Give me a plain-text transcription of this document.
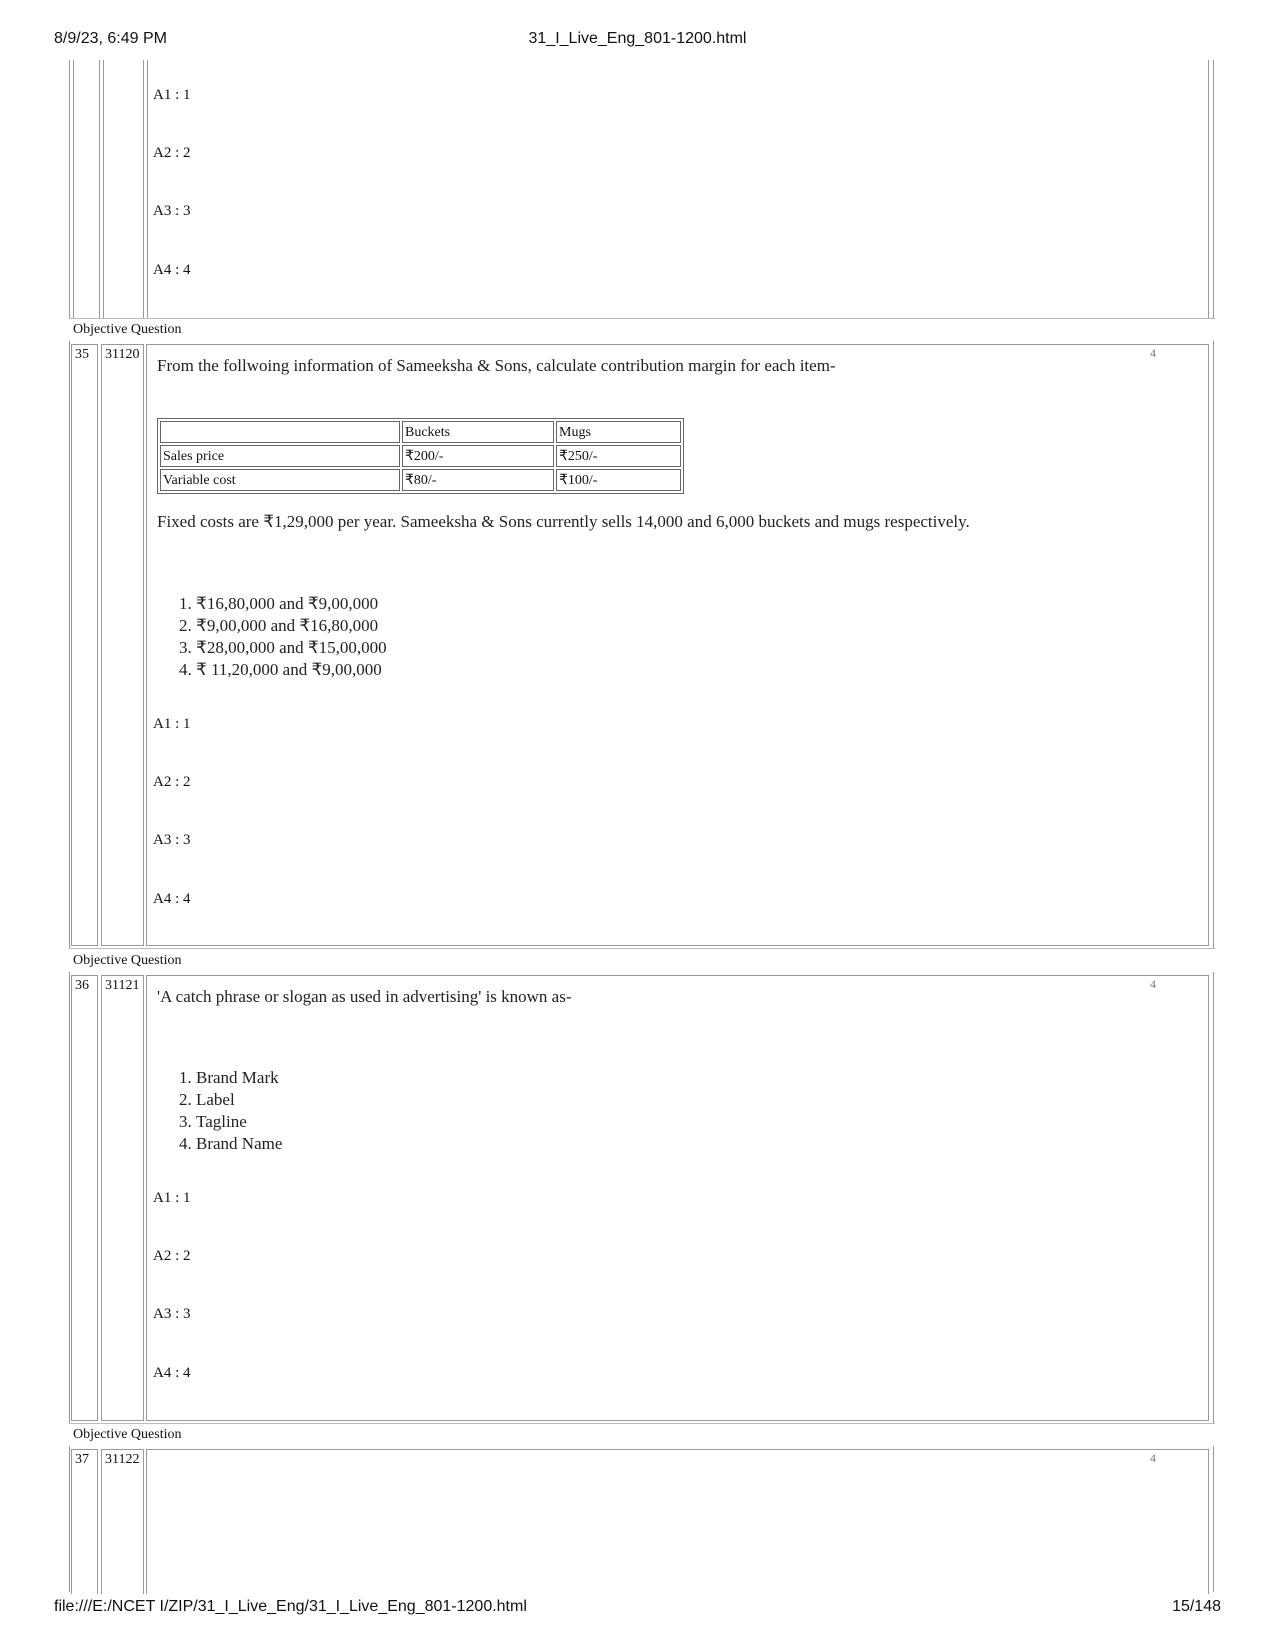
8/9/23, 6:49 PM	31_I_Live_Eng_801-1200.html
A1 : 1
A2 : 2
A3 : 3
A4 : 4
Objective Question
35	31120	4
From the follwoing information of Sameeksha & Sons, calculate contribution margin for each item-
	Buckets	Mugs
Sales price	₹200/-	₹250/-
Variable cost	₹80/-	₹100/-
Fixed costs are ₹1,29,000 per year. Sameeksha & Sons currently sells 14,000 and 6,000 buckets and mugs respectively.
1. ₹16,80,000 and ₹9,00,000
2. ₹9,00,000 and ₹16,80,000
3. ₹28,00,000 and ₹15,00,000
4. ₹ 11,20,000 and ₹9,00,000
A1 : 1
A2 : 2
A3 : 3
A4 : 4
Objective Question
36	31121	4
'A catch phrase or slogan as used in advertising' is known as-
1. Brand Mark
2. Label
3. Tagline
4. Brand Name
A1 : 1
A2 : 2
A3 : 3
A4 : 4
Objective Question
37	31122	4
file:///E:/NCET I/ZIP/31_I_Live_Eng/31_I_Live_Eng_801-1200.html	15/148
